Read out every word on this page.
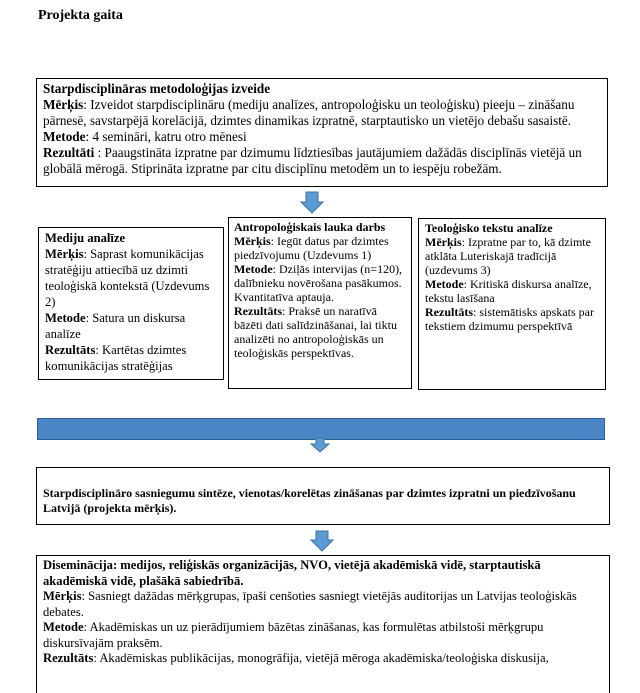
Projekta gaita
Starpdisciplināras metodoloģijas izveide
Mērķis: Izveidot starpdisciplināru (mediju analīzes, antropoloģisku un teoloģisku) pieeju – zināšanu pārnesē, savstarpējā korelācijā, dzimtes dinamikas izpratnē, starptautisko un vietējo debašu sasaistē.
Metode: 4 semināri, katru otro mēnesi
Rezultāti : Paaugstināta izpratne par dzimumu līdztiesības jautājumiem dažādās disciplīnās vietējā un globālā mērogā. Stiprināta izpratne par citu disciplīnu metodēm un to iespēju robežām.
Mediju analīze
Mērķis: Saprast komunikācijas stratēģiju attiecībā uz dzimti teoloģiskā kontekstā (Uzdevums 2)
Metode: Satura un diskursa analīze
Rezultāts: Kartētas dzimtes komunikācijas stratēģijas
Antropoloģiskais lauka darbs
Mērķis: Iegūt datus par dzimtes piedzīvojumu (Uzdevums 1)
Metode: Dziļās intervijas (n=120), dalībnieku novērošana pasākumos. Kvantitatīva aptauja.
Rezultāts: Praksē un naratīvā bāzēti dati salīdzināšanai, lai tiktu analizēti no antropoloģiskās un teoloģiskās perspektīvas.
Teoloģisko tekstu analīze
Mērķis: Izpratne par to, kā dzimte atklāta Luteriskajā tradīcijā (uzdevums 3)
Metode: Kritiskā diskursa analīze, tekstu lasīšana
Rezultāts: sistemātisks apskats par tekstiem dzimumu perspektīvā
Starpdisciplināro sasniegumu sintēze, vienotas/korelētas zināšanas par dzimtes izpratni un piedzīvošanu Latvijā (projekta mērķis).
Diseminācija: medijos, reliģiskās organizācijās, NVO, vietējā akadēmiskā vidē, starptautiskā akadēmiskā vidē, plašākā sabiedrībā.
Mērķis: Sasniegt dažādas mērķgrupas, īpaši cenšoties sasniegt vietējās auditorijas un Latvijas teoloģiskās debates.
Metode: Akadēmiskas un uz pierādījumiem bāzētas zināšanas, kas formulētas atbilstoši mērķgrupu diskursīvajām praksēm.
Rezultāts: Akadēmiskas publikācijas, monogrāfija, vietējā mēroga akadēmiska/teoloģiska diskusija,
